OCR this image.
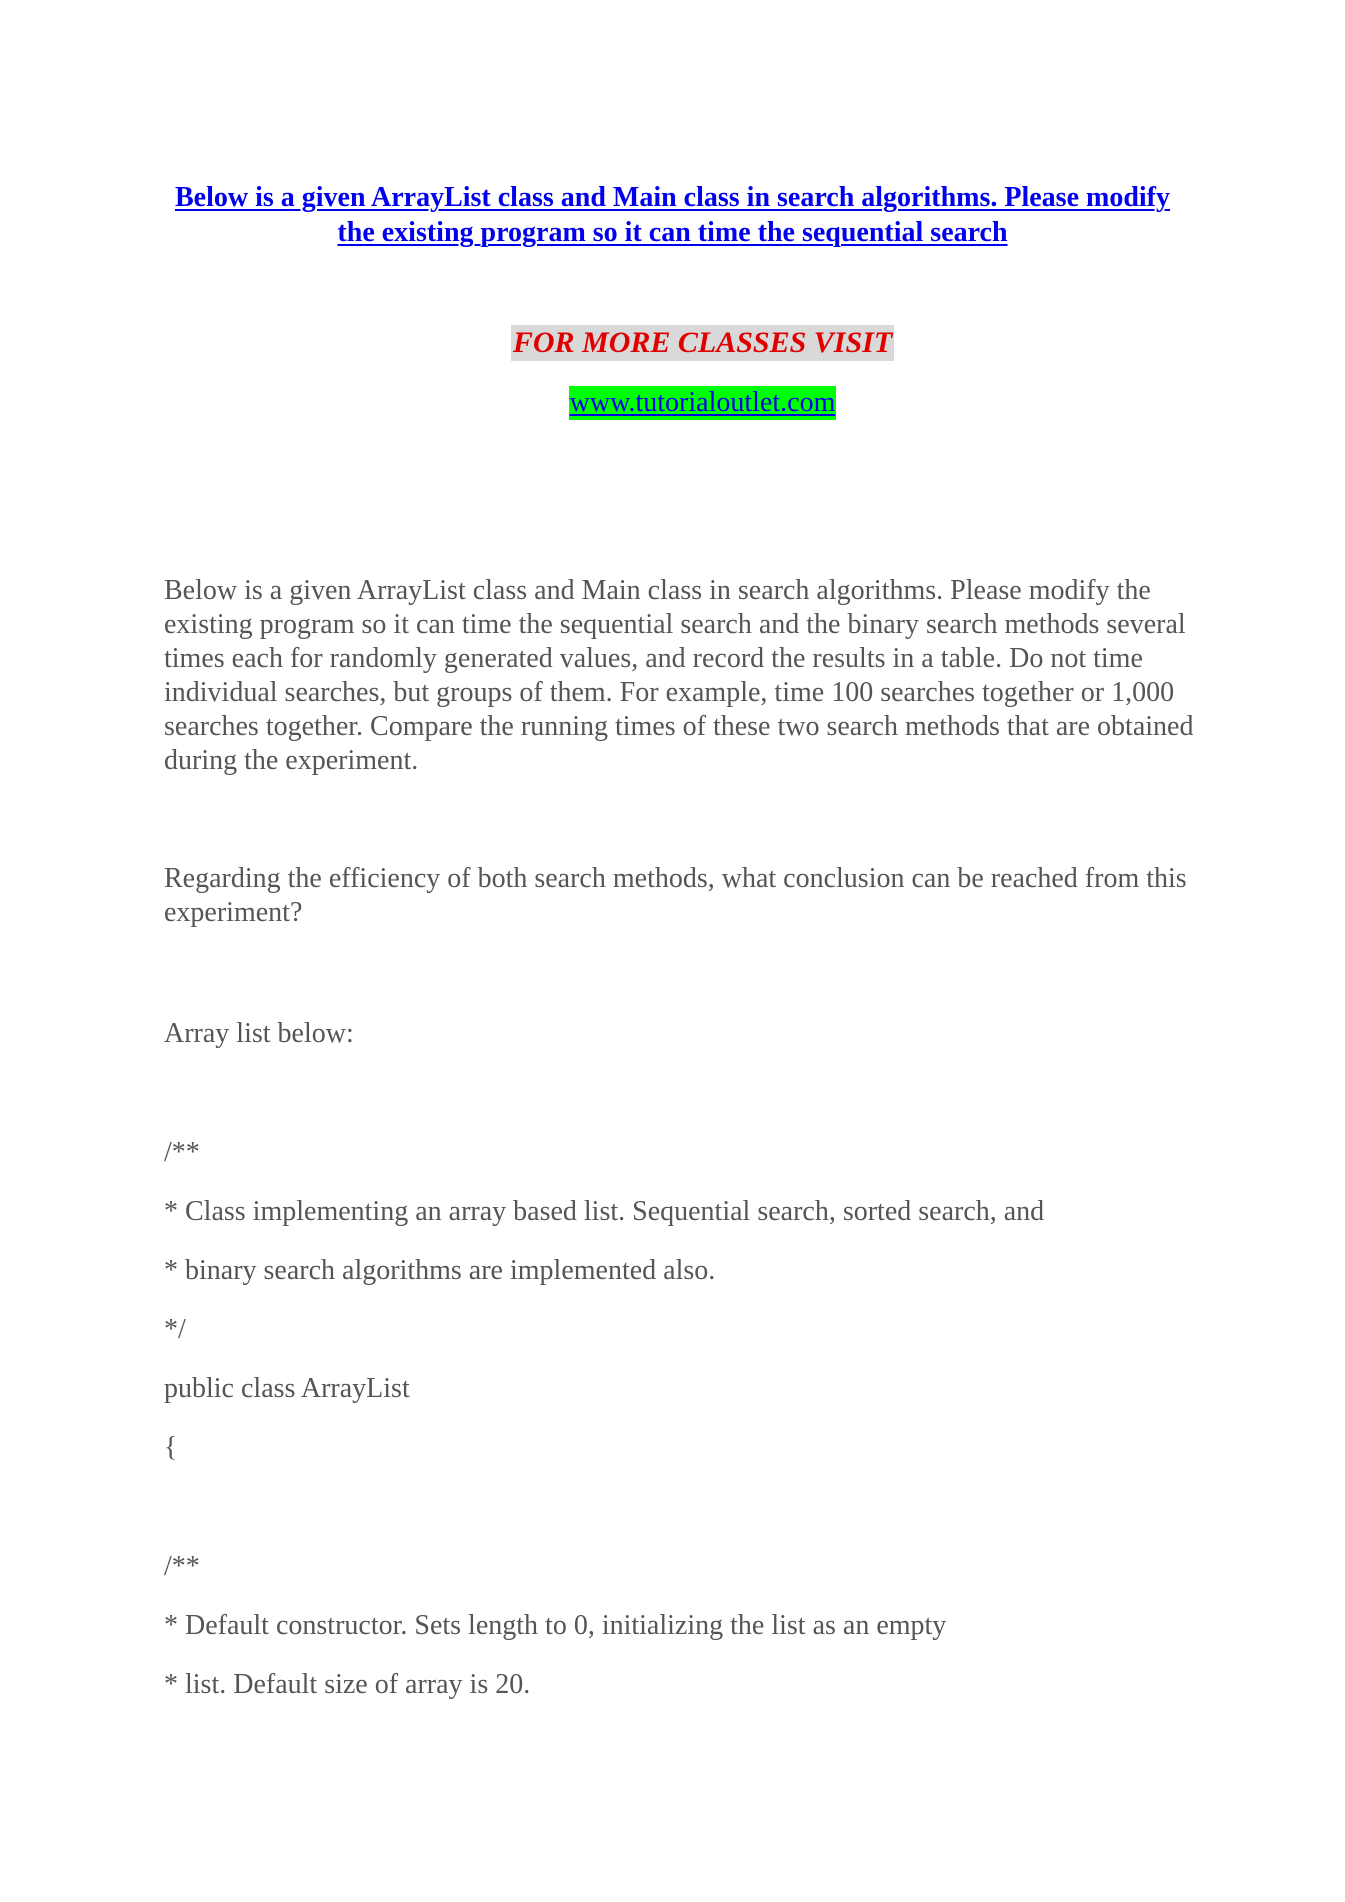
Below is a given ArrayList class and Main class in search algorithms. Please modify the existing program so it can time the sequential search
FOR MORE CLASSES VISIT
www.tutorialoutlet.com

Below is a given ArrayList class and Main class in search algorithms. Please modify the existing program so it can time the sequential search and the binary search methods several times each for randomly generated values, and record the results in a table. Do not time individual searches, but groups of them. For example, time 100 searches together or 1,000 searches together. Compare the running times of these two search methods that are obtained during the experiment.

Regarding the efficiency of both search methods, what conclusion can be reached from this experiment?

Array list below:

/**

* Class implementing an array based list. Sequential search, sorted search, and

* binary search algorithms are implemented also.

*/

public class ArrayList

{

/**

* Default constructor. Sets length to 0, initializing the list as an empty

* list. Default size of array is 20.
